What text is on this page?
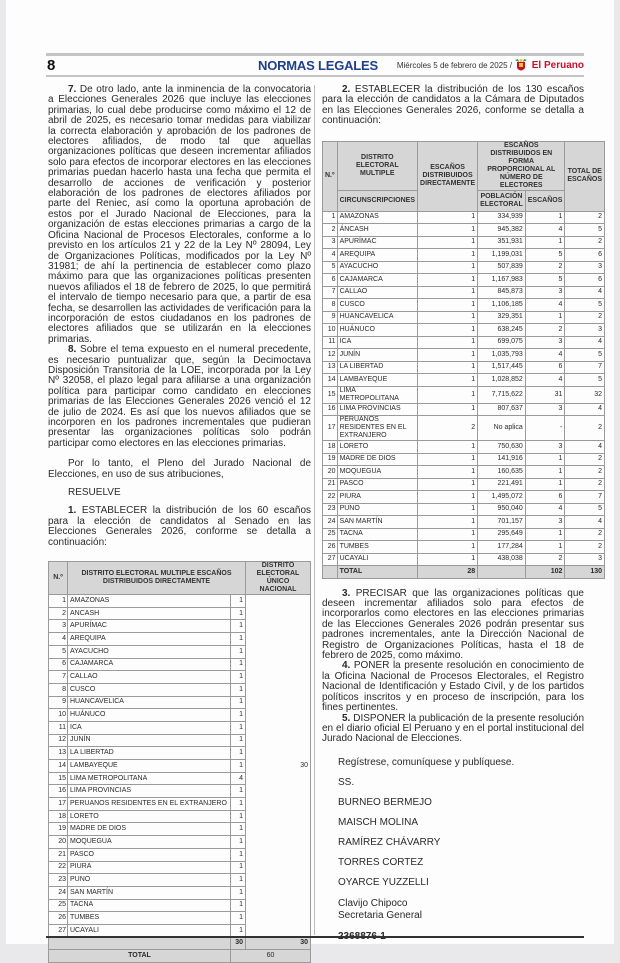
8	NORMAS LEGALES Miércoles 5 de febrero de 2025 / El Peruano

7. De otro lado, ante la inminencia de la convocatoria a Elecciones Generales 2026 que incluye las elecciones primarias, lo cual debe producirse como máximo el 12 de abril de 2025, es necesario tomar medidas para viabilizar la correcta elaboración y aprobación de los padrones de electores afiliados, de modo tal que aquellas organizaciones políticas que deseen incrementar afiliados solo para efectos de incorporar electores en las elecciones primarias puedan hacerlo hasta una fecha que permita el desarrollo de acciones de verificación y posterior elaboración de los padrones de electores afiliados por parte del Reniec, así como la oportuna aprobación de estos por el Jurado Nacional de Elecciones, para la organización de estas elecciones primarias a cargo de la Oficina Nacional de Procesos Electorales, conforme a lo previsto en los artículos 21 y 22 de la Ley Nº 28094, Ley de Organizaciones Políticas, modificados por la Ley Nº 31981; de ahí la pertinencia de establecer como plazo máximo para que las organizaciones políticas presenten nuevos afiliados el 18 de febrero de 2025, lo que permitirá el intervalo de tiempo necesario para que, a partir de esa fecha, se desarrollen las actividades de verificación para la incorporación de estos ciudadanos en los padrones de electores afiliados que se utilizarán en la elecciones primarias.

8. Sobre el tema expuesto en el numeral precedente, es necesario puntualizar que, según la Decimoctava Disposición Transitoria de la LOE, incorporada por la Ley Nº 32058, el plazo legal para afiliarse a una organización política para participar como candidato en elecciones primarias de las Elecciones Generales 2026 venció el 12 de julio de 2024. Es así que los nuevos afiliados que se incorporen en los padrones incrementales que pudieran presentar las organizaciones políticas solo podrán participar como electores en las elecciones primarias.

Por lo tanto, el Pleno del Jurado Nacional de Elecciones, en uso de sus atribuciones,

RESUELVE

1. ESTABLECER la distribución de los 60 escaños para la elección de candidatos al Senado en las Elecciones Generales 2026, conforme se detalla a continuación:

N.º	DISTRITO ELECTORAL MULTIPLE ESCAÑOS DISTRIBUIDOS DIRECTAMENTE		DISTRITO ELECTORAL ÚNICO NACIONAL
1	AMAZONAS	1	30
2	ANCASH	1	
3	APURÍMAC	1	
4	AREQUIPA	1	
5	AYACUCHO	1	
6	CAJAMARCA	1	
7	CALLAO	1	
8	CUSCO	1	
9	HUANCAVELICA	1	
10	HUÁNUCO	1	
11	ICA	1	
12	JUNÍN	1	
13	LA LIBERTAD	1	
14	LAMBAYEQUE	1	
15	LIMA METROPOLITANA	4	
16	LIMA PROVINCIAS	1	
17	PERUANOS RESIDENTES EN EL EXTRANJERO	1	
18	LORETO	1	
19	MADRE DE DIOS	1	
20	MOQUEGUA	1	
21	PASCO	1	
22	PIURA	1	
23	PUNO	1	
24	SAN MARTÍN	1	
25	TACNA	1	
26	TUMBES	1	
27	UCAYALI	1	
		30	30
TOTAL		60	

2. ESTABLECER la distribución de los 130 escaños para la elección de candidatos a la Cámara de Diputados en las Elecciones Generales 2026, conforme se detalla a continuación:

N.º	DISTRITO ELECTORAL MULTIPLE	ESCAÑOS DISTRIBUIDOS DIRECTAMENTE	ESCAÑOS DISTRIBUIDOS EN FORMA PROPORCIONAL AL NÚMERO DE ELECTORES		TOTAL DE ESCAÑOS
	CIRCUNSCRIPCIONES		POBLACIÓN ELECTORAL	ESCAÑOS	
1	AMAZONAS	1	334,939	1	2
2	ÁNCASH	1	945,382	4	5
3	APURÍMAC	1	351,931	1	2
4	AREQUIPA	1	1,199,031	5	6
5	AYACUCHO	1	507,839	2	3
6	CAJAMARCA	1	1,167,983	5	6
7	CALLAO	1	845,873	3	4
8	CUSCO	1	1,106,185	4	5
9	HUANCAVELICA	1	329,351	1	2
10	HUÁNUCO	1	638,245	2	3
11	ICA	1	699,075	3	4
12	JUNÍN	1	1,035,793	4	5
13	LA LIBERTAD	1	1,517,445	6	7
14	LAMBAYEQUE	1	1,028,852	4	5
15	LIMA METROPOLITANA	1	7,715,622	31	32
16	LIMA PROVINCIAS	1	807,637	3	4
17	PERUANOS RESIDENTES EN EL EXTRANJERO	2	No aplica	-	2
18	LORETO	1	750,630	3	4
19	MADRE DE DIOS	1	141,916	1	2
20	MOQUEGUA	1	160,635	1	2
21	PASCO	1	221,491	1	2
22	PIURA	1	1,495,072	6	7
23	PUNO	1	950,040	4	5
24	SAN MARTÍN	1	701,157	3	4
25	TACNA	1	295,649	1	2
26	TUMBES	1	177,284	1	2
27	UCAYALI	1	438,038	2	3
	TOTAL	28		102	130

3. PRECISAR que las organizaciones políticas que deseen incrementar afiliados solo para efectos de incorporarlos como electores en las elecciones primarias de las Elecciones Generales 2026 podrán presentar sus padrones incrementales, ante la Dirección Nacional de Registro de Organizaciones Políticas, hasta el 18 de febrero de 2025, como máximo.

4. PONER la presente resolución en conocimiento de la Oficina Nacional de Procesos Electorales, el Registro Nacional de Identificación y Estado Civil, y de los partidos políticos inscritos y en proceso de inscripción, para los fines pertinentes.

5. DISPONER la publicación de la presente resolución en el diario oficial El Peruano y en el portal institucional del Jurado Nacional de Elecciones.

Regístrese, comuníquese y publíquese.
SS.
BURNEO BERMEJO
MAISCH MOLINA
RAMÍREZ CHÁVARRY
TORRES CORTEZ
OYARCE YUZZELLI
Clavijo Chipoco
Secretaria General
